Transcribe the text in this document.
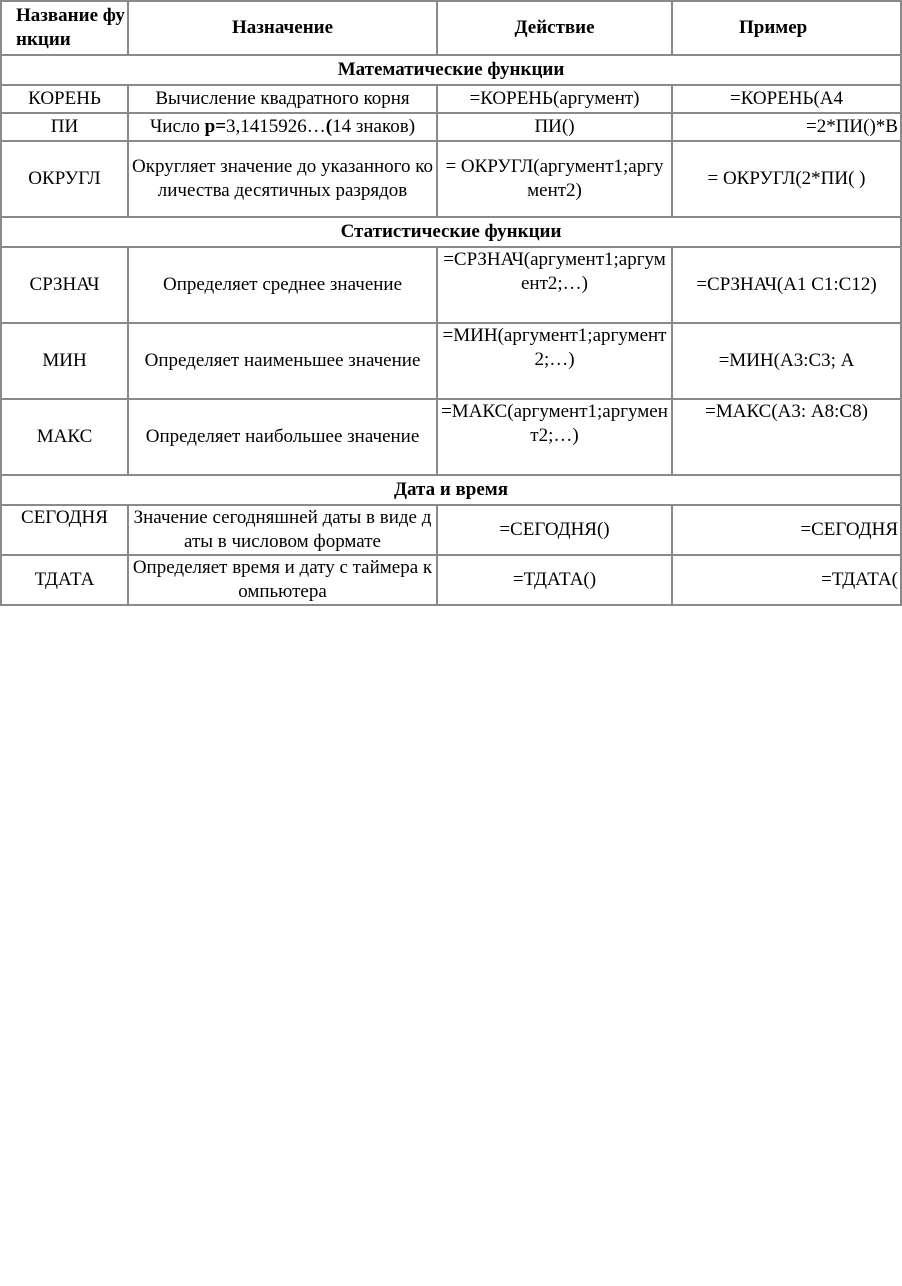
Название функции	Назначение	Действие	Пример
Математические функции			
КОРЕНЬ	Вычисление квадратного корня	=КОРЕНЬ(аргумент)	=КОРЕНЬ(А4
ПИ	Число p=3,1415926…(14 знаков)	ПИ()	=2*ПИ()*В
ОКРУГЛ	Округляет значение до указанного количества десятичных разрядов	= ОКРУГЛ(аргумент1;аргумент2)	= ОКРУГЛ(2*ПИ( )
Статистические функции			
СРЗНАЧ	Определяет среднее значение	=СРЗНАЧ(аргумент1;аргумент2;…)	=СРЗНАЧ(А1 С1:С12)
МИН	Определяет наименьшее значение	=МИН(аргумент1;аргумент2;…)	=МИН(А3:С3; А
МАКС	Определяет наибольшее значение	=МАКС(аргумент1;аргумент2;…)	=МАКС(А3: А8:С8)
Дата и время			
СЕГОДНЯ	Значение сегодняшней даты в виде даты в числовом формате	=СЕГОДНЯ()	=СЕГОДНЯ
ТДАТА	Определяет время и дату с таймера компьютера	=ТДАТА()	=ТДАТА(
